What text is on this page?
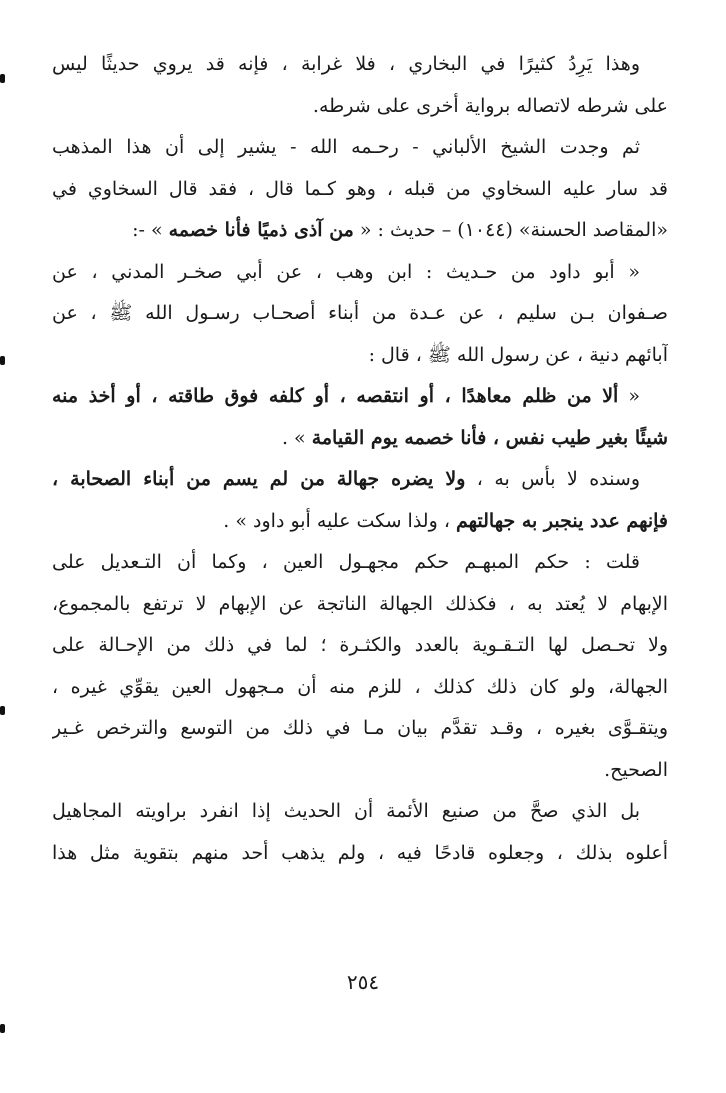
وهذا يَرِدُ كثيرًا في البخاري ، فلا غرابة ، فإنه قد يروي حديثًا ليس
على شرطه لاتصاله برواية أخرى على شرطه.
ثم وجدت الشيخ الألباني - رحـمه الله - يشير إلى أن هذا المذهب
قد سار عليه السخاوي من قبله ، وهو كـما قال ، فقد قال السخاوي في
«المقاصد الحسنة» (١٠٤٤) – حديث : « من آذى ذميًا فأنا خصمه » -:
« أبو داود من حـديث : ابن وهب ، عن أبي صخـر المدني ، عن
صـفوان بـن سليم ، عن عـدة من أبناء أصحـاب رسـول الله ﷺ ، عن
آبائهم دنية ، عن رسول الله ﷺ ، قال :
« ألا من ظلم معاهدًا ، أو انتقصه ، أو كلفه فوق طاقته ، أو أخذ منه
شيئًا بغير طيب نفس ، فأنا خصمه يوم القيامة » .
وسنده لا بأس به ، ولا يضره جهالة من لم يسم من أبناء الصحابة ،
فإنهم عدد ينجبر به جهالتهم ، ولذا سكت عليه أبو داود » .
قلت : حكم المبهـم حكم مجهـول العين ، وكما أن التـعديل على
الإبهام لا يُعتد به ، فكذلك الجهالة الناتجة عن الإبهام لا ترتفع بالمجموع،
ولا تحـصل لها التـقـوية بالعدد والكثـرة ؛ لما في ذلك من الإحـالة على
الجهالة، ولو كان ذلك كذلك ، للزم منه أن مـجهول العين يقوِّي غيره ،
ويتقـوَّى بغيره ، وقـد تقدَّم بيان مـا في ذلك من التوسع والترخص غـير
الصحيح.
بل الذي صحَّ من صنيع الأئمة أن الحديث إذا انفرد براويته المجاهيل
أعلوه بذلك ، وجعلوه قادحًا فيه ، ولم يذهب أحد منهم بتقوية مثل هذا
٢٥٤
